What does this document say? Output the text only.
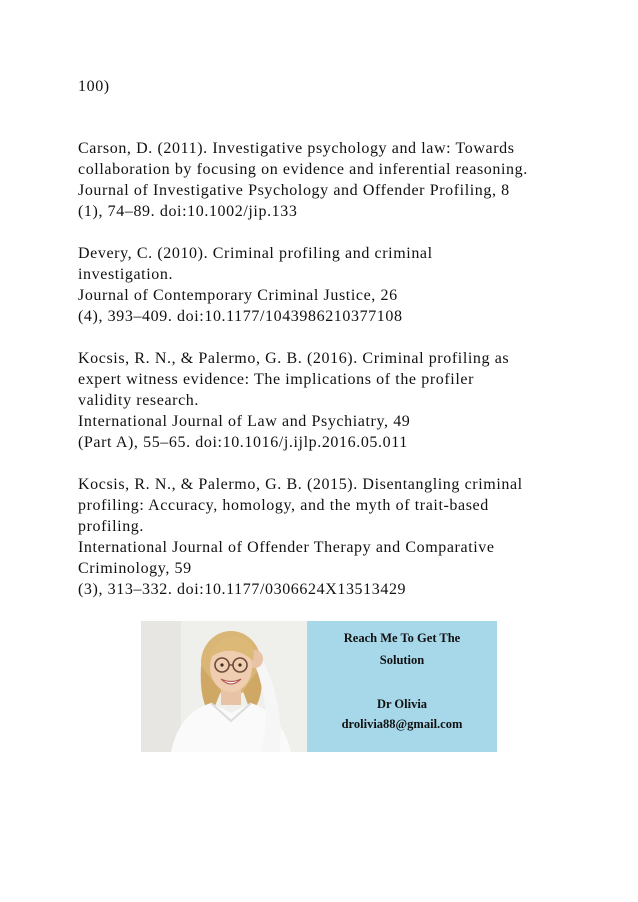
100)
Carson, D. (2011). Investigative psychology and law: Towards
collaboration by focusing on evidence and inferential reasoning.
Journal of Investigative Psychology and Offender Profiling, 8
(1), 74–89. doi:10.1002/jip.133
Devery, C. (2010). Criminal profiling and criminal
investigation.
Journal of Contemporary Criminal Justice, 26
(4), 393–409. doi:10.1177/1043986210377108
Kocsis, R. N., & Palermo, G. B. (2016). Criminal profiling as
expert witness evidence: The implications of the profiler
validity research.
International Journal of Law and Psychiatry, 49
(Part A), 55–65. doi:10.1016/j.ijlp.2016.05.011
Kocsis, R. N., & Palermo, G. B. (2015). Disentangling criminal
profiling: Accuracy, homology, and the myth of trait-based
profiling.
International Journal of Offender Therapy and Comparative
Criminology, 59
(3), 313–332. doi:10.1177/0306624X13513429
Reach Me To Get The
Solution
Dr Olivia
drolivia88@gmail.com
